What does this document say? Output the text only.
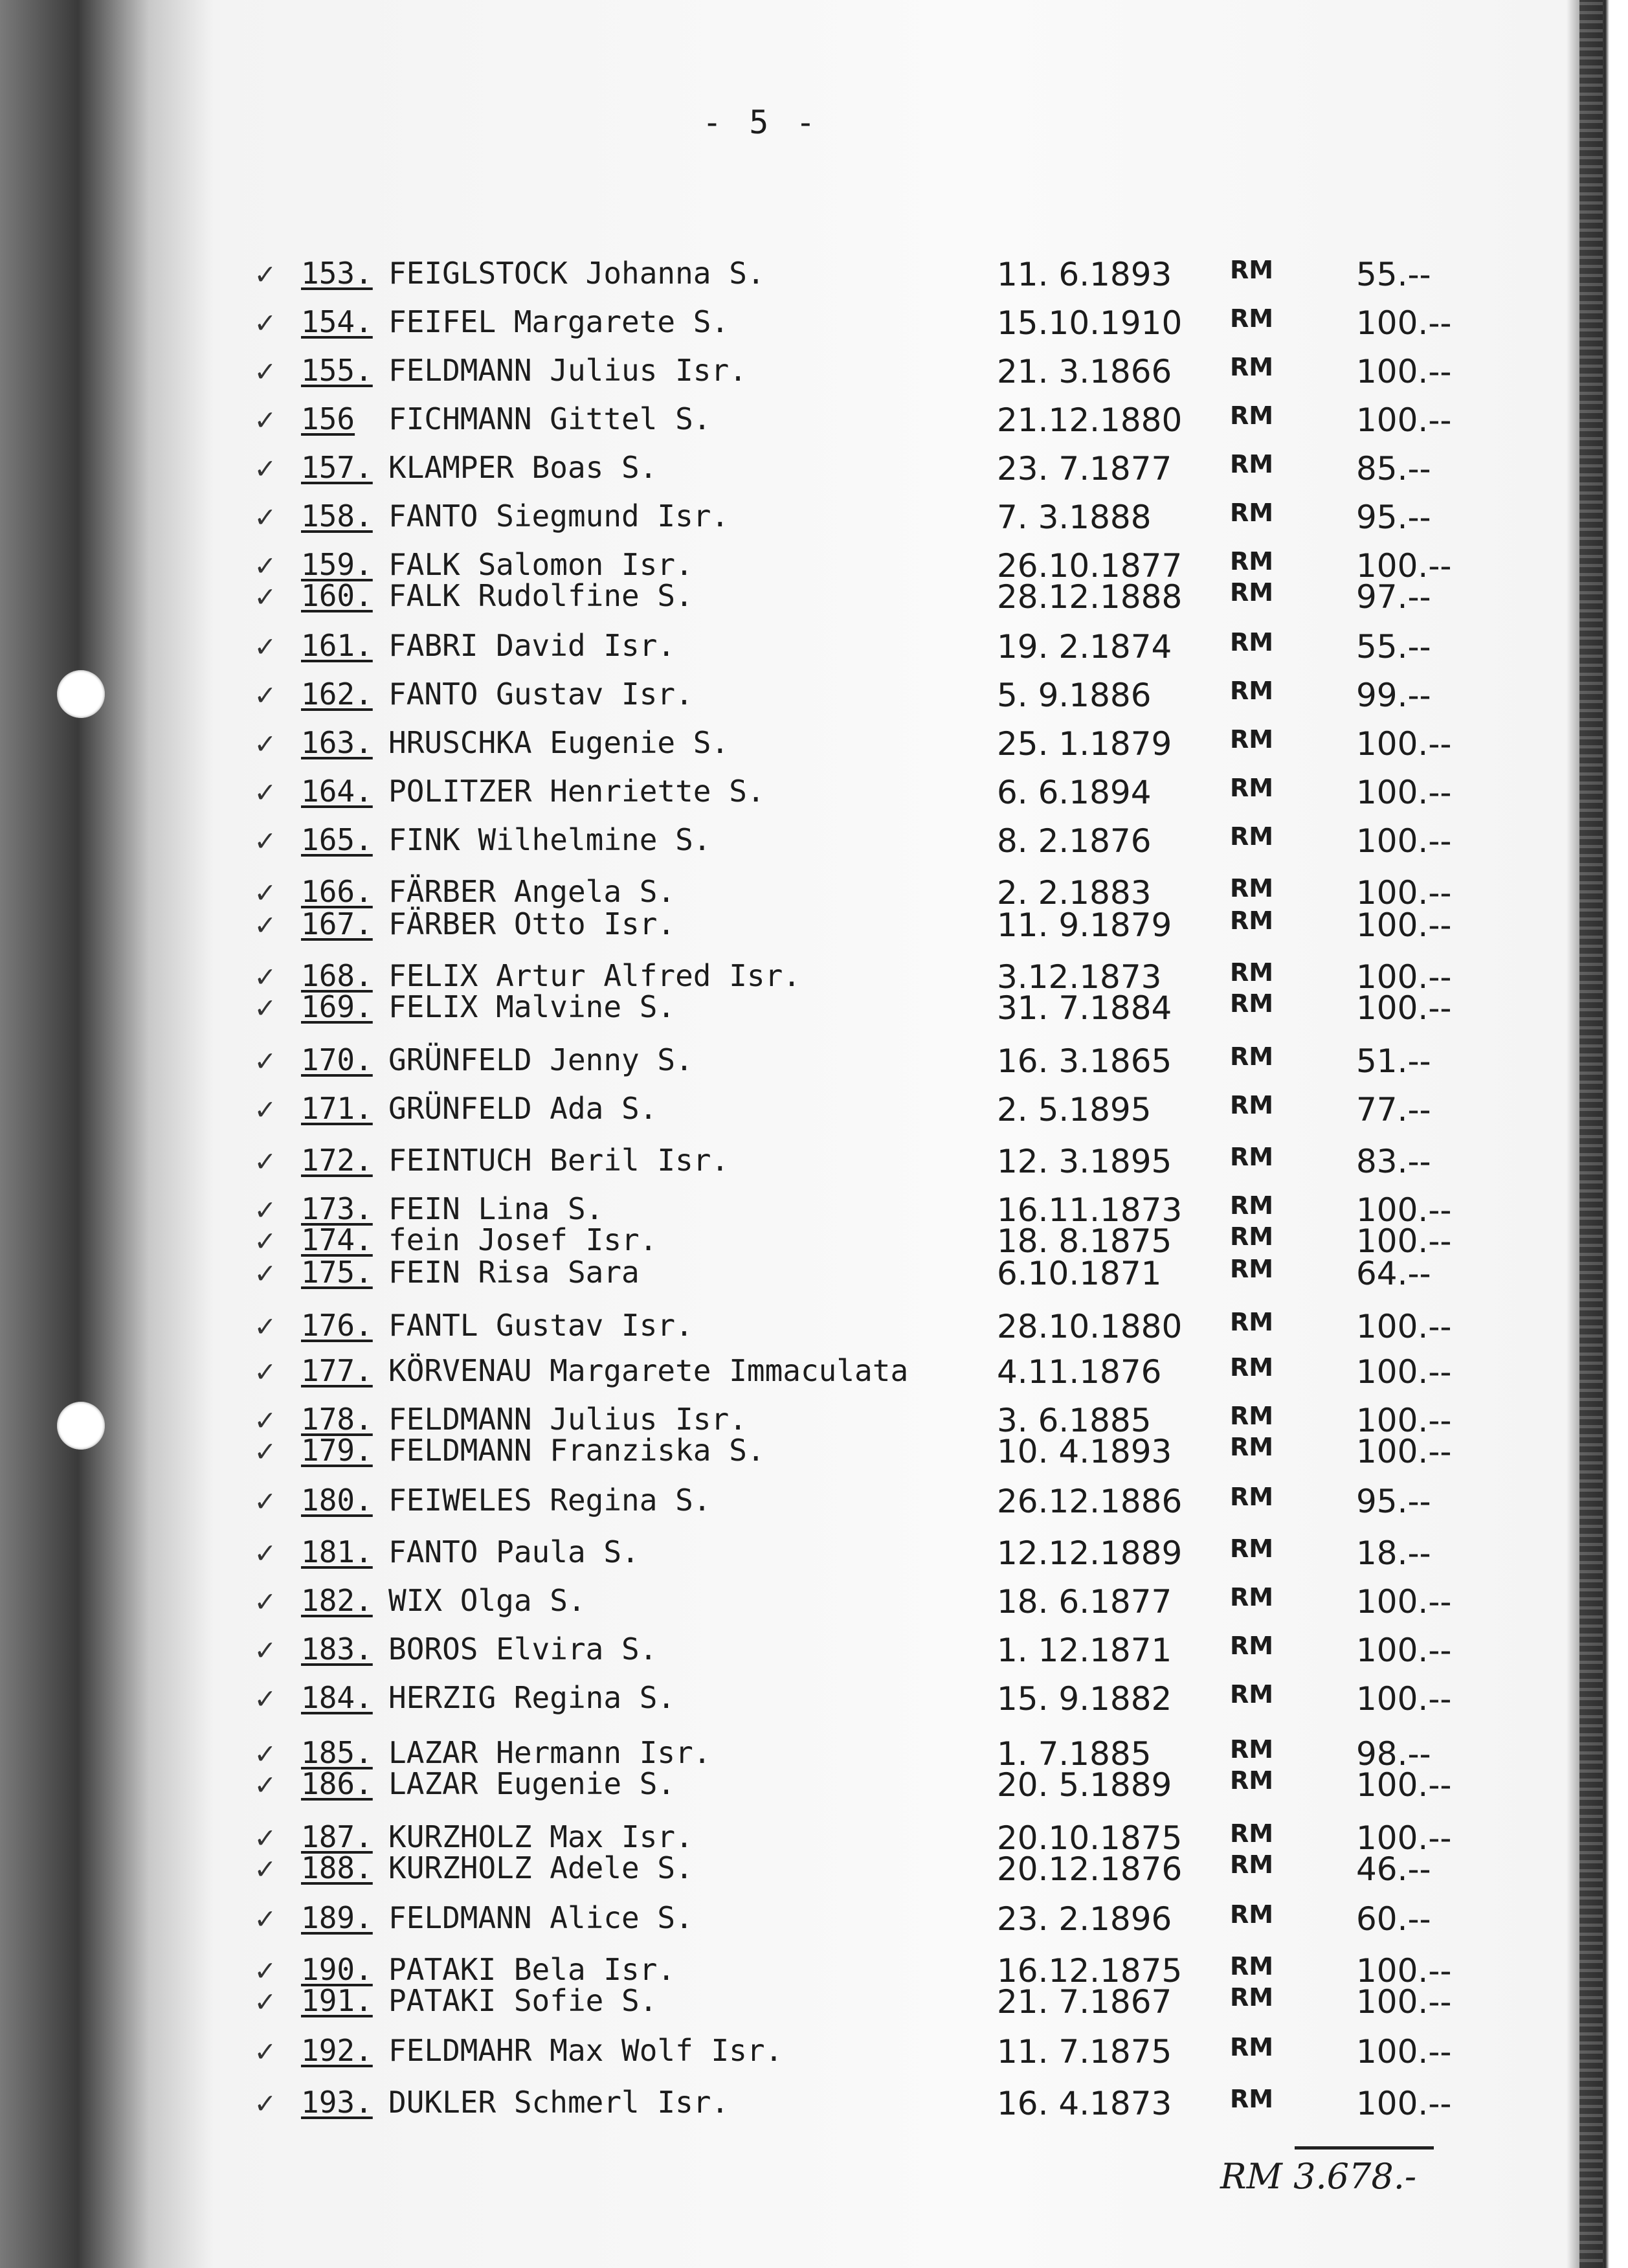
- 5 -
✓ 153. FEIGLSTOCK Johanna S.	11. 6.1893 RM	55.--
✓ 154. FEIFEL Margarete S.	15.10.1910 RM	100.--
✓ 155. FELDMANN Julius Isr.	21. 3.1866 RM	100.--
✓ 156 FICHMANN Gittel S.	21.12.1880 RM	100.--
✓ 157. KLAMPER Boas S.	23. 7.1877 RM	85.--
✓ 158. FANTO Siegmund Isr.	7. 3.1888	RM	95.--
✓ 159. FALK Salomon Isr.	26.10.1877 RM	100.--
✓ 160. FALK Rudolfine S.	28.12.1888 RM	97.--
✓ 161. FABRI David Isr.	19. 2.1874 RM	55.--
✓ 162. FANTO Gustav Isr.	5. 9.1886	RM	99.--
✓ 163. HRUSCHKA Eugenie S.	25. 1.1879 RM	100.--
✓ 164. POLITZER Henriette S.	6. 6.1894	RM	100.--
✓ 165. FINK Wilhelmine S.	8. 2.1876	RM	100.--
✓ 166. FÄRBER Angela S.	2. 2.1883	RM	100.--
✓ 167. FÄRBER Otto Isr.	11. 9.1879 RM	100.--
✓ 168. FELIX Artur Alfred Isr.	3.12.1873	RM	100.--
✓ 169. FELIX Malvine S.	31. 7.1884 RM	100.--
✓ 170. GRÜNFELD Jenny S.	16. 3.1865 RM	51.--
✓ 171. GRÜNFELD Ada S.	2. 5.1895	RM	77.--
✓ 172. FEINTUCH Beril Isr.	12. 3.1895 RM	83.--
✓ 173. FEIN Lina S.	16.11.1873 RM	100.--
✓ 174. fein Josef Isr.	18. 8.1875 RM	100.--
✓ 175. FEIN Risa Sara	6.10.1871	RM	64.--
✓ 176. FANTL Gustav Isr.	28.10.1880 RM	100.--
✓ 177. KÖRVENAU Margarete Immaculata	4.11.1876	RM	100.--
✓ 178. FELDMANN Julius Isr.	3. 6.1885	RM	100.--
✓ 179. FELDMANN Franziska S.	10. 4.1893 RM	100.--
✓ 180. FEIWELES Regina S.	26.12.1886 RM	95.--
✓ 181. FANTO Paula S.	12.12.1889 RM	18.--
✓ 182. WIX Olga S.	18. 6.1877 RM	100.--
✓ 183. BOROS Elvira S.	1. 12.1871 RM	100.--
✓ 184. HERZIG Regina S.	15. 9.1882 RM	100.--
✓ 185. LAZAR Hermann Isr.	1. 7.1885	RM	98.--
✓ 186. LAZAR Eugenie S.	20. 5.1889 RM	100.--
✓ 187. KURZHOLZ Max Isr.	20.10.1875 RM	100.--
✓ 188. KURZHOLZ Adele S.	20.12.1876 RM	46.--
✓ 189. FELDMANN Alice S.	23. 2.1896 RM	60.--
✓ 190. PATAKI Bela Isr.	16.12.1875 RM	100.--
✓ 191. PATAKI Sofie S.	21. 7.1867 RM	100.--
✓ 192. FELDMAHR Max Wolf Isr.	11. 7.1875 RM	100.--
✓ 193. DUKLER Schmerl Isr.	16. 4.1873 RM	100.--
RM 3.678.-
